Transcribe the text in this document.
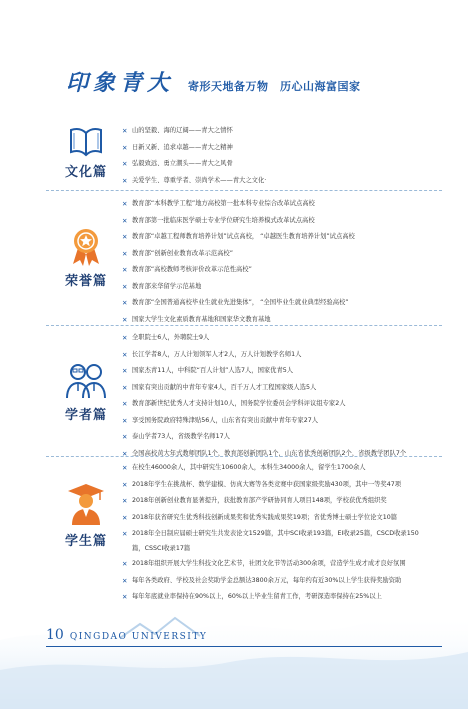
印象青大 寄形天地备万物　历心山海富国家
文化篇
✕ 山的坚毅、海的辽阔——青大之情怀
✕ 日新又新、追求卓越——青大之精神
✕ 弘毅致远、勇立潮头——青大之风骨
✕ 关爱学生、尊重学者、崇尚学术——青大之文化·
荣誉篇
✕ 教育部“本科教学工程”地方高校第一批本科专业综合改革试点高校
✕ 教育部第一批临床医学硕士专业学位研究生培养模式改革试点高校
✕ 教育部“卓越工程师教育培养计划”试点高校， “卓越医生教育培养计划”试点高校
✕ 教育部“创新创业教育改革示范高校”
✕ 教育部“高校教师考核评价改革示范性高校”
✕ 教育部来华留学示范基地
✕ 教育部“全国普通高校毕业生就业先进集体”， “全国毕业生就业典型经验高校”
✕ 国家大学生文化素质教育基地和国家华文教育基地
学者篇
✕ 全职院士6人，外聘院士9人
✕ 长江学者8人，万人计划领军人才2人，万人计划教学名师1人
✕ 国家杰青11人，中科院“百人计划”人选7人，国家优青5人
✕ 国家有突出贡献的中青年专家4人，百千万人才工程国家级人选5人
✕ 教育部新世纪优秀人才支持计划10人，国务院学位委员会学科评议组专家2人
✕ 享受国务院政府特殊津贴56人，山东省有突出贡献中青年专家27人
✕ 泰山学者73人，省级教学名师17人
✕ 全国高校黄大年式教师团队1个，教育部创新团队1个，山东省优秀创新团队2个，省级教学团队7个
学生篇
✕ 在校生46000余人，其中研究生10600余人，本科生34000余人，留学生1700余人
✕ 2018年学生在挑战杯、数学建模、仿真大赛等各类竞赛中获国家级奖励430项，其中一等奖47项
✕ 2018年创新创业教育显著提升，获批教育部产学研协同育人项目148项，学校获优秀组织奖
✕ 2018年获省研究生优秀科技创新成果奖和优秀实践成果奖19项；省优秀博士硕士学位论文10篇
✕ 2018年全日制应届硕士研究生共发表论文1529篇，其中SCI收录193篇，EI收录25篇，CSCD收录150篇，CSSCI收录17篇
✕ 2018年组织开展大学生科技文化艺术节，社团文化节等活动300余项，营造学生成才成才良好氛围
✕ 每年各类政府、学校及社会奖助学金总额达3800余万元，每年约有近30%以上学生获得奖励资助
✕ 每年年底就业率保持在90%以上，60%以上毕业生留青工作，考研深造率保持在25%以上
10 QINGDAO UNIVERSITY
